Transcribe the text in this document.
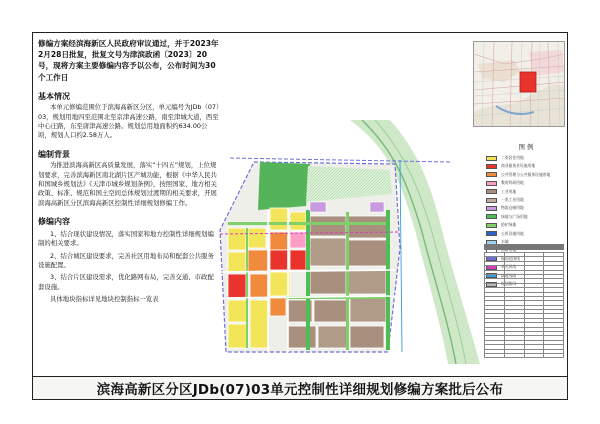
修编方案经滨海新区人民政府审议通过，并于2023年2月28日批复，批复文号为津滨政函〔2023〕20号，现将方案主要修编内容予以公布，公布时间为30个工作日
基本情况
本单元修编范围位于滨海高新区分区，单元编号为JDb（07）03，规划用地四至范围北至京津高速公路，南至津城大道，西至中心庄路，东至唐津高速公路。规划总用地面积约634.00公顷，规划人口约2.58万人。
编制背景
为推进滨海高新区高质量发展，落实“十四五”规划，上位规划要求，完善滨海新区南北湖片区产城功能，根据《中华人民共和国城乡规划法》《天津市城乡规划条例》，按照国家、地方相关政策、标准、规范和国土空间总体规划过渡期的相关要求，开展滨海高新区分区滨海高新区控制性详细规划修编工作。
修编内容
1、结合现状建设情况，落实国家和地方控制性详细规划编制的相关要求。
2、结合城区建设要求，完善社区用地布局和配套公共服务设施配置。
3、结合片区建设需求，优化路网布局，完善交通、市政配套设施。
具体地块指标详见地块控制指标一览表
图 例
二类居住用地
商业服务业设施用地
公共管理与公共服务设施用地
教育科研用地
工业用地
一类工业用地
物流仓储用地
绿地与广场用地
防护绿地
公用设施用地
水域
规划范围线
单元界线
轨道线路
规划路网

滨海高新区分区JDb(07)03单元控制性详细规划修编方案批后公布
